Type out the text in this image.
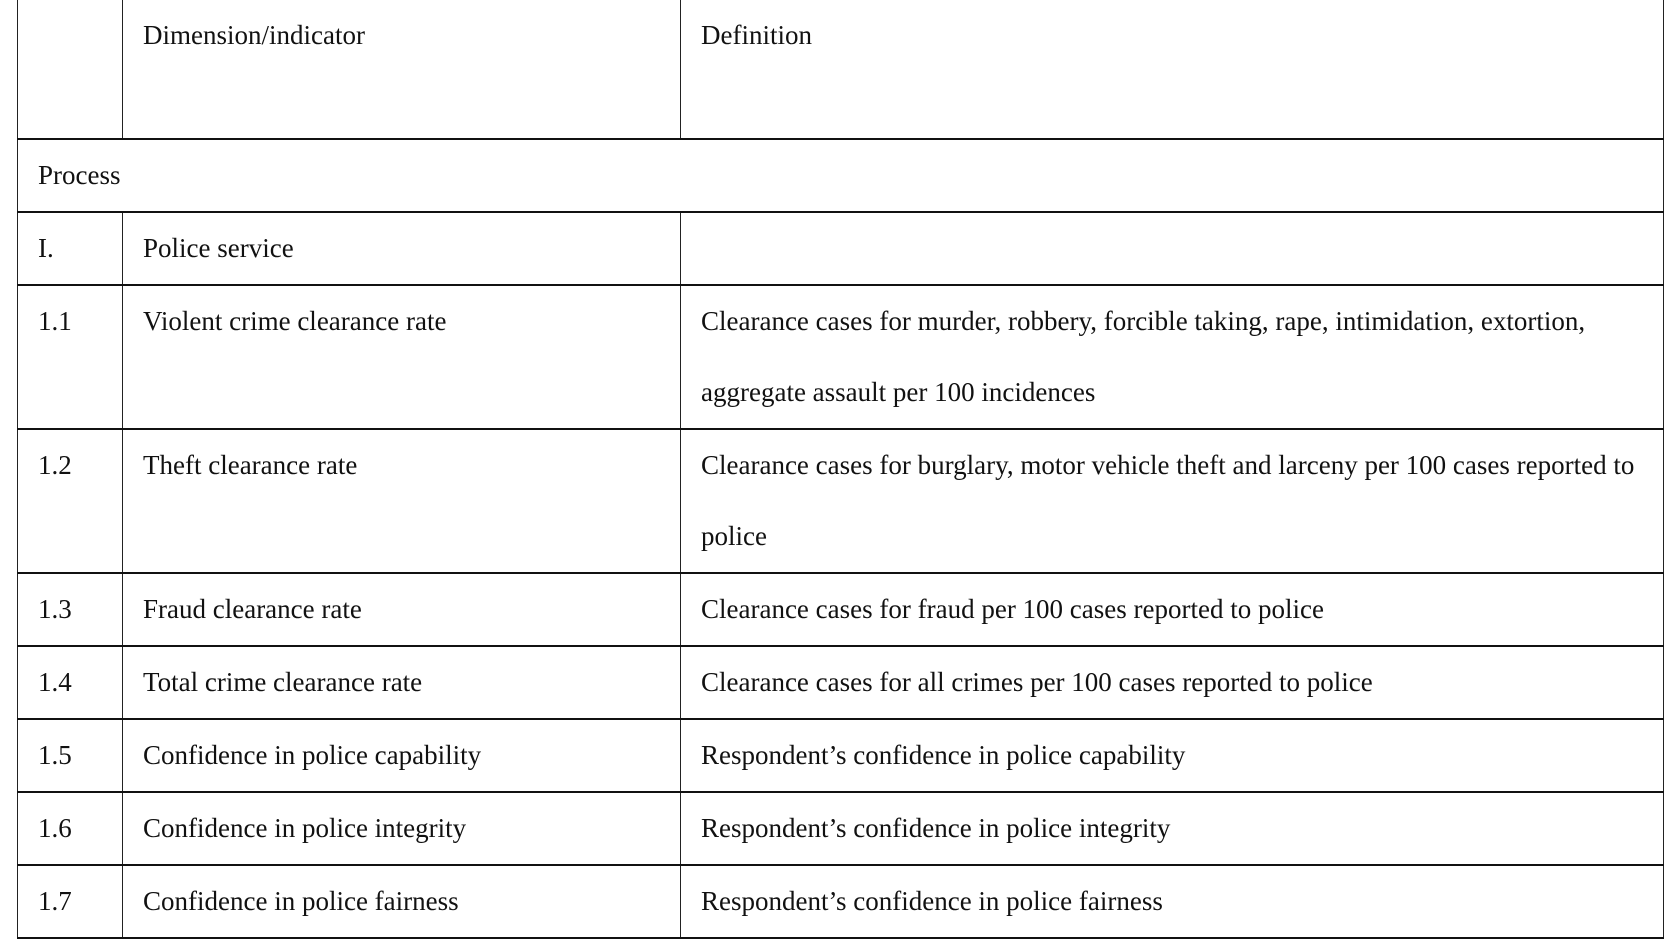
	Dimension/indicator	Definition
Process		
I.	Police service	
1.1	Violent crime clearance rate	Clearance cases for murder, robbery, forcible taking, rape, intimidation, extortion, aggregate assault per 100 incidences
1.2	Theft clearance rate	Clearance cases for burglary, motor vehicle theft and larceny per 100 cases reported to police
1.3	Fraud clearance rate	Clearance cases for fraud per 100 cases reported to police
1.4	Total crime clearance rate	Clearance cases for all crimes per 100 cases reported to police
1.5	Confidence in police capability	Respondent’s confidence in police capability
1.6	Confidence in police integrity	Respondent’s confidence in police integrity
1.7	Confidence in police fairness	Respondent’s confidence in police fairness
